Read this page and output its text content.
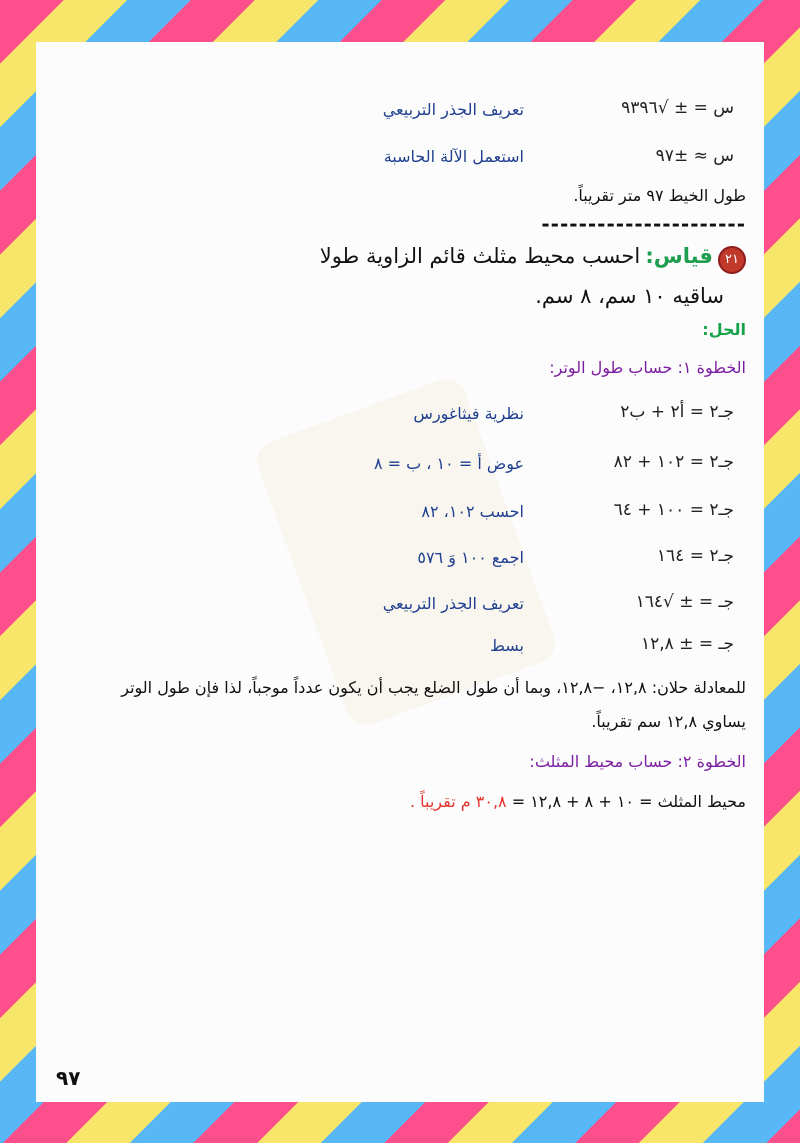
س = ± √٩٣٩٦
تعريف الجذر التربيعي
س ≈ ±٩٧
استعمل الآلة الحاسبة
طول الخيط ٩٧ متر تقريباً.
----------------------
٢١ قياس: احسب محيط مثلث قائم الزاوية طولا
ساقيه ١٠ سم، ٨ سم.
الحل:
الخطوة ١: حساب طول الوتر:
جـ٢ = أ٢ + ب٢
نظرية فيثاغورس
جـ٢ = ١٠٢ + ٨٢
عوض أ = ١٠ ، ب = ٨
جـ٢ = ١٠٠ + ٦٤
احسب ١٠٢، ٨٢
جـ٢ = ١٦٤
اجمع ١٠٠ وَ ٥٧٦
جـ = ± √١٦٤
تعريف الجذر التربيعي
جـ = ± ١٢,٨
بسط
للمعادلة حلان: ١٢,٨، −١٢,٨، وبما أن طول الضلع يجب أن يكون عدداً موجباً، لذا فإن طول الوتر
يساوي ١٢,٨ سم تقريباً.
الخطوة ٢: حساب محيط المثلث:
محيط المثلث = ١٠ + ٨ + ١٢,٨ = ٣٠,٨ م تقريباً .
٩٧
